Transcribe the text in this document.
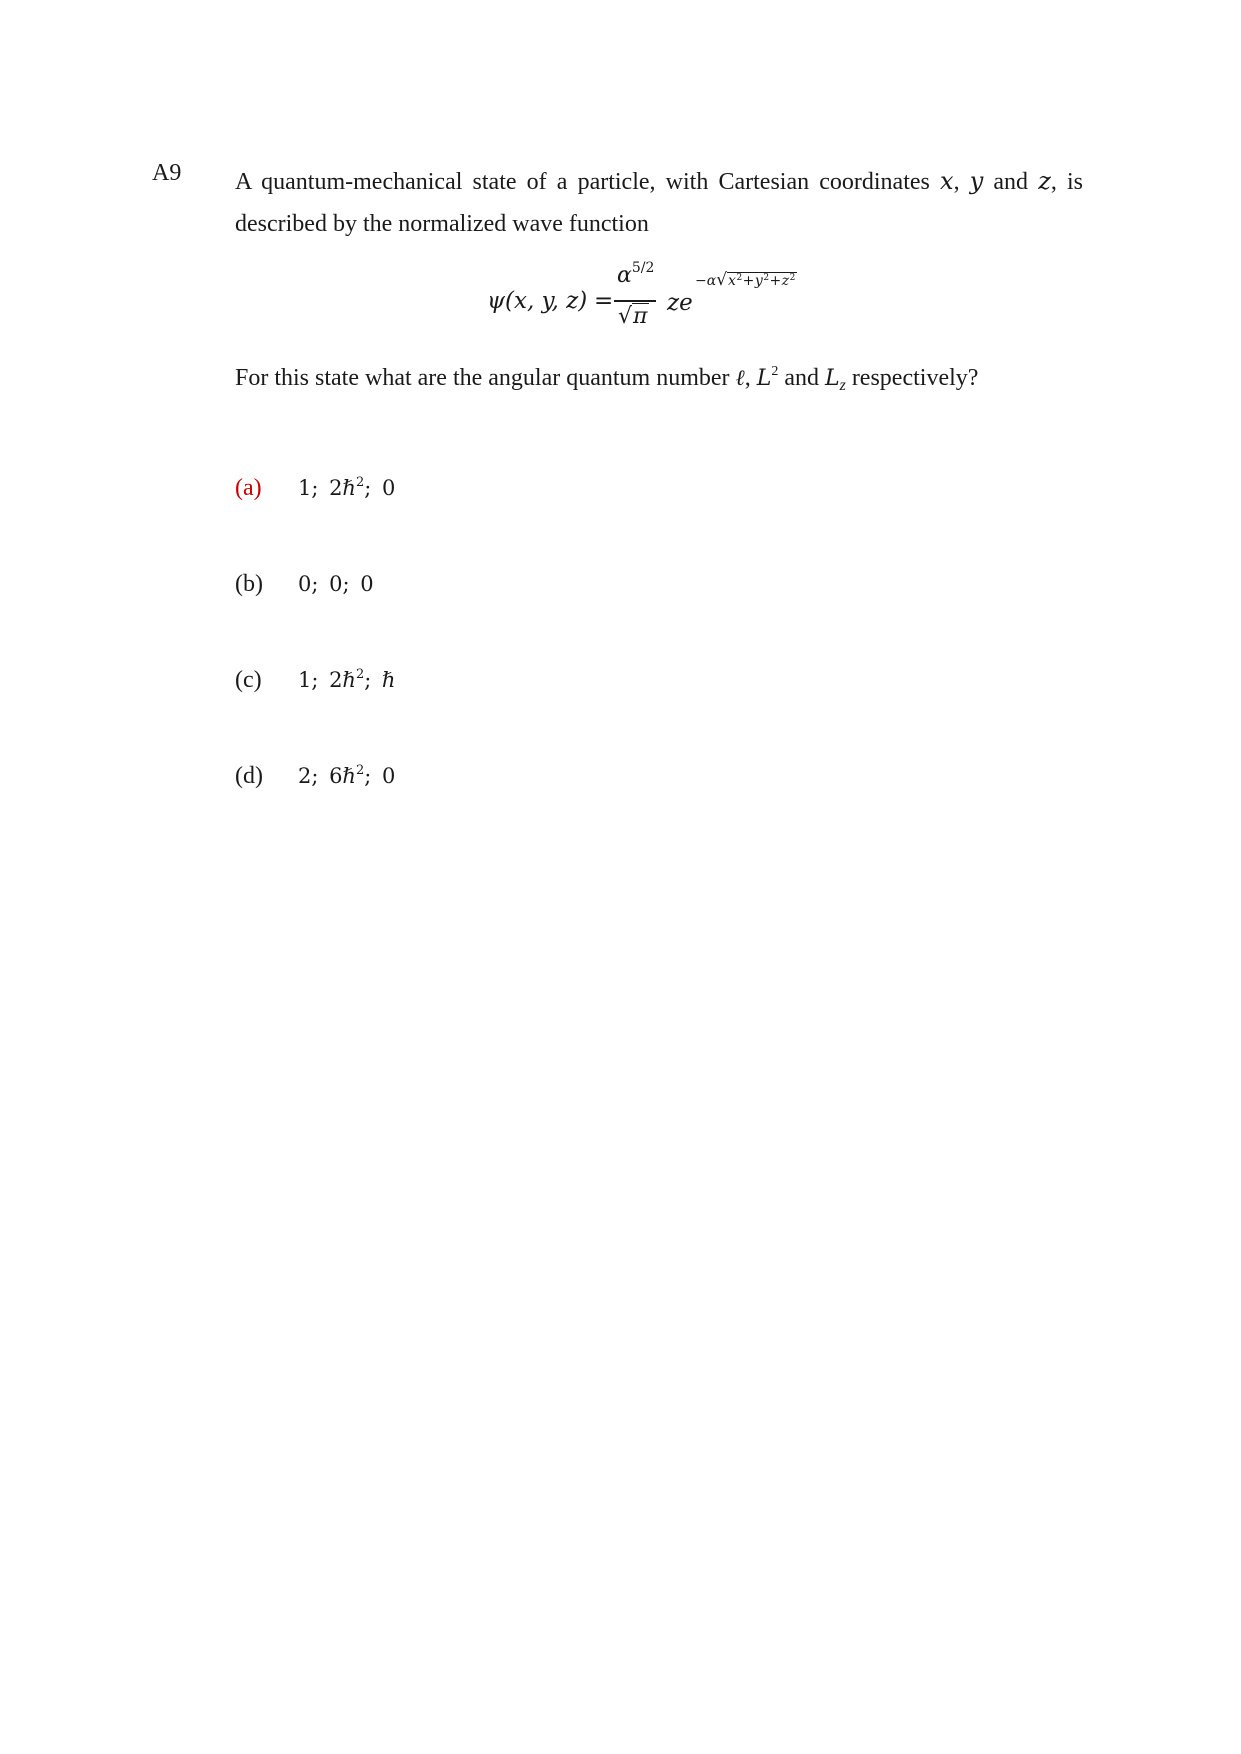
A9 A quantum-mechanical state of a particle, with Cartesian coordinates x, y and z, is described by the normalized wave function
ψ(x, y, z) =
$\alpha^{5/2}$
√π
ze
$-\alpha√x^2+y^2+z^2$
For this state what are the angular quantum number ℓ, $L^2$ and $L_z$ respectively?
(a) 1; 2ℏ$^2$; 0
(b) 0; 0; 0
(c) 1; 2ℏ$^2$; ℏ
(d) 2; 6ℏ$^2$; 0
